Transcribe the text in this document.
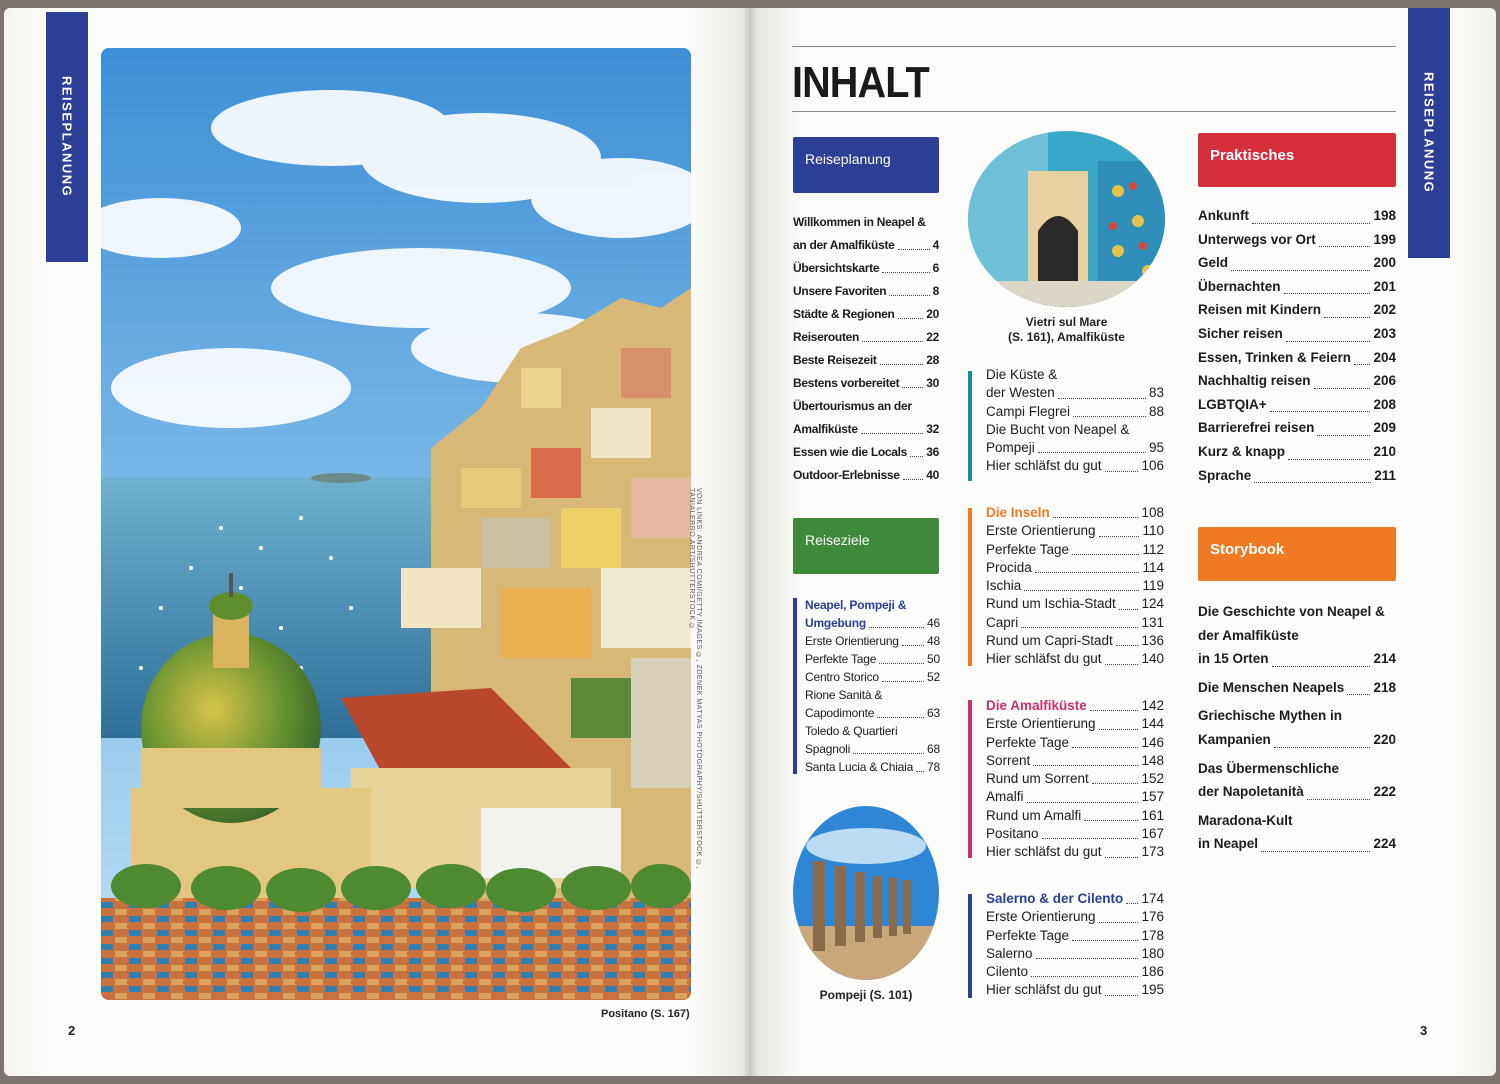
REISEPLANUNG
VON LINKS: ANDREA COMI/GETTY IMAGES ©, ZDENEK MATYAS PHOTOGRAPHY/SHUTTERSTOCK ©, TANIALERRO.ART/SHUTTERSTOCK ©
Positano (S. 167)
2
REISEPLANUNG
INHALT
Reiseplanung
Willkommen in Neapel &
an der Amalfiküste	4
Übersichtskarte	6
Unsere Favoriten	8
Städte & Regionen	20
Reiserouten	22
Beste Reisezeit	28
Bestens vorbereitet 30
Übertourismus an der
Amalfiküste	32
Essen wie die Locals 36
Outdoor-Erlebnisse 40
Reiseziele
Neapel, Pompeji &
Umgebung	46
Erste Orientierung 48
Perfekte Tage	50
Centro Storico	52
Rione Sanità &
Capodimonte	63
Toledo & Quartieri
Spagnoli	68
Santa Lucia & Chiaia 78
Pompeji (S. 101)
Vietri sul Mare
(S. 161), Amalfiküste
Die Küste &
der Westen	83
Campi Flegrei	88
Die Bucht von Neapel &
Pompeji	95
Hier schläfst du gut	106
Die Inseln	108
Erste Orientierung	110
Perfekte Tage	112
Procida	114
Ischia	119
Rund um Ischia-Stadt 124
Capri	131
Rund um Capri-Stadt 136
Hier schläfst du gut	140
Die Amalfiküste	142
Erste Orientierung	144
Perfekte Tage	146
Sorrent	148
Rund um Sorrent	152
Amalfi	157
Rund um Amalfi	161
Positano	167
Hier schläfst du gut	173
Salerno & der Cilento 174
Erste Orientierung	176
Perfekte Tage	178
Salerno	180
Cilento	186
Hier schläfst du gut	195
Praktisches
Ankunft	198
Unterwegs vor Ort	199
Geld	200
Übernachten	201
Reisen mit Kindern	202
Sicher reisen	203
Essen, Trinken & Feiern 204
Nachhaltig reisen	206
LGBTQIA+	208
Barrierefrei reisen	209
Kurz & knapp	210
Sprache	211
Storybook
Die Geschichte von Neapel &
der Amalfiküste
in 15 Orten	214
Die Menschen Neapels 218
Griechische Mythen in
Kampanien	220
Das Übermenschliche
der Napoletanità	222
Maradona-Kult
in Neapel	224
3
